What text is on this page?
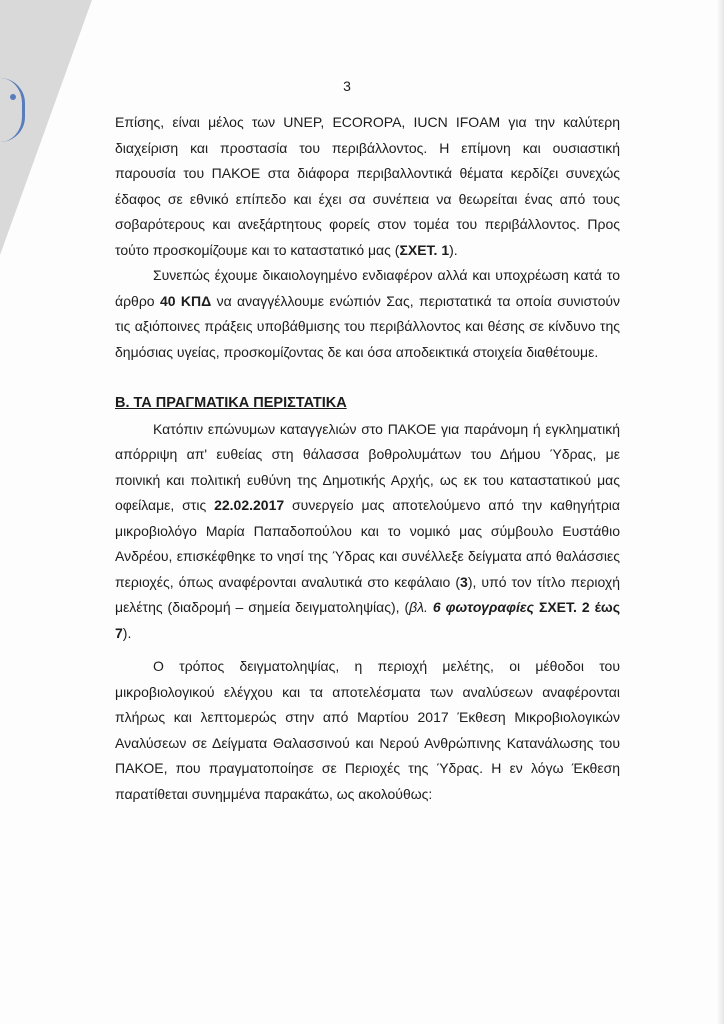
3

Επίσης, είναι μέλος των UNEP, ECOROPA, IUCN IFOAM για την καλύτερη διαχείριση και προστασία του περιβάλλοντος. Η επίμονη και ουσιαστική παρουσία του ΠΑΚΟΕ στα διάφορα περιβαλλοντικά θέματα κερδίζει συνεχώς έδαφος σε εθνικό επίπεδο και έχει σα συνέπεια να θεωρείται ένας από τους σοβαρότερους και ανεξάρτητους φορείς στον τομέα του περιβάλλοντος. Προς τούτο προσκομίζουμε και το καταστατικό μας (ΣΧΕΤ. 1).

Συνεπώς έχουμε δικαιολογημένο ενδιαφέρον αλλά και υποχρέωση κατά το άρθρο 40 ΚΠΔ να αναγγέλλουμε ενώπιόν Σας, περιστατικά τα οποία συνιστούν τις αξιόποινες πράξεις υποβάθμισης του περιβάλλοντος και θέσης σε κίνδυνο της δημόσιας υγείας, προσκομίζοντας δε και όσα αποδεικτικά στοιχεία διαθέτουμε.

Β. ΤΑ ΠΡΑΓΜΑΤΙΚΑ ΠΕΡΙΣΤΑΤΙΚΑ

Κατόπιν επώνυμων καταγγελιών στο ΠΑΚΟΕ για παράνομη ή εγκληματική απόρριψη απ' ευθείας στη θάλασσα βοθρολυμάτων του Δήμου Ύδρας, με ποινική και πολιτική ευθύνη της Δημοτικής Αρχής, ως εκ του καταστατικού μας οφείλαμε, στις 22.02.2017 συνεργείο μας αποτελούμενο από την καθηγήτρια μικροβιολόγο Μαρία Παπαδοπούλου και το νομικό μας σύμβουλο Ευστάθιο Ανδρέου, επισκέφθηκε το νησί της Ύδρας και συνέλλεξε δείγματα από θαλάσσιες περιοχές, όπως αναφέρονται αναλυτικά στο κεφάλαιο (3), υπό τον τίτλο περιοχή μελέτης (διαδρομή – σημεία δειγματοληψίας), (βλ. 6 φωτογραφίες ΣΧΕΤ. 2 έως 7).

Ο τρόπος δειγματοληψίας, η περιοχή μελέτης, οι μέθοδοι του μικροβιολογικού ελέγχου και τα αποτελέσματα των αναλύσεων αναφέρονται πλήρως και λεπτομερώς στην από Μαρτίου 2017 Έκθεση Μικροβιολογικών Αναλύσεων σε Δείγματα Θαλασσινού και Νερού Ανθρώπινης Κατανάλωσης του ΠΑΚΟΕ, που πραγματοποίησε σε Περιοχές της Ύδρας. Η εν λόγω Έκθεση παρατίθεται συνημμένα παρακάτω, ως ακολούθως:
